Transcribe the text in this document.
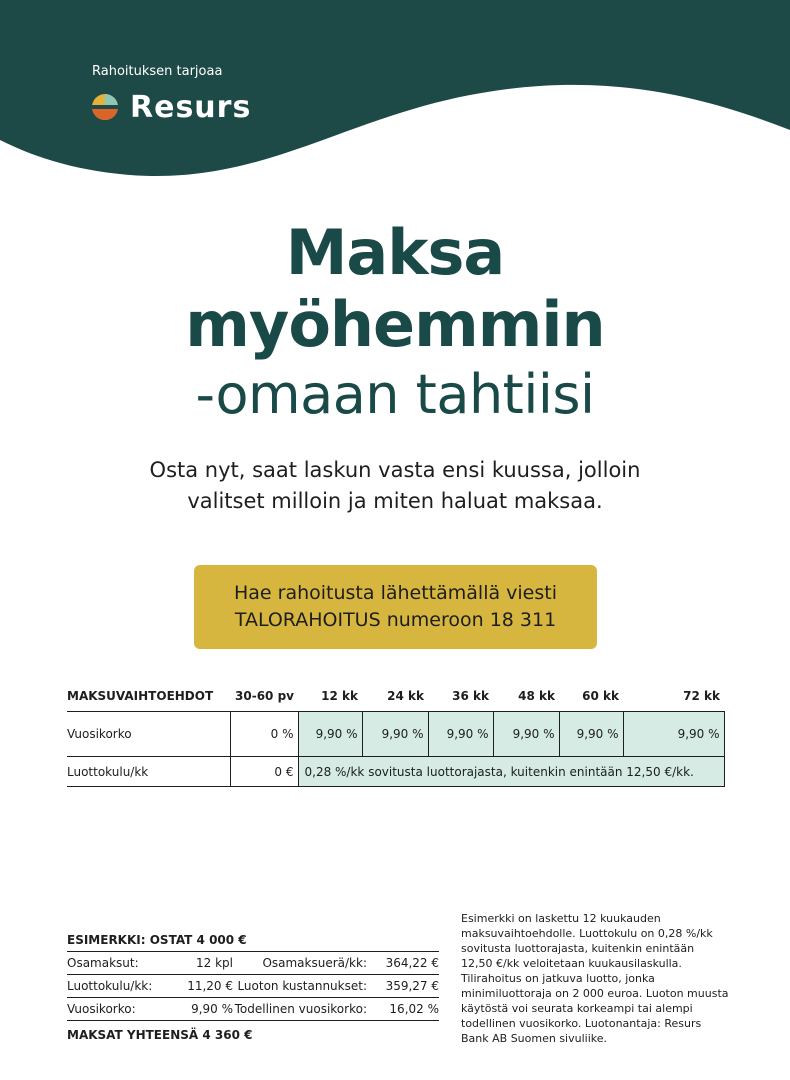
Rahoituksen tarjoaa
Resurs
Maksa
myöhemmin
-omaan tahtiisi
Osta nyt, saat laskun vasta ensi kuussa, jolloin
valitset milloin ja miten haluat maksaa.
Hae rahoitusta lähettämällä viesti
TALORAHOITUS numeroon 18 311
MAKSUVAIHTOEHDOT	30-60 pv	12 kk	24 kk	36 kk	48 kk	60 kk	72 kk
Vuosikorko	0 %	9,90 %	9,90 %	9,90 %	9,90 %	9,90 %	9,90 %
Luottokulu/kk	0 €	0,28 %/kk sovitusta luottorajasta, kuitenkin enintään 12,50 €/kk.					
ESIMERKKI: OSTAT 4 000 €
Osamaksut:	12 kpl	Osamaksuerä/kk:	364,22 €
Luottokulu/kk:	11,20 € Luoton kustannukset:	359,27 €
Vuosikorko:	9,90 % Todellinen vuosikorko:	16,02 %
MAKSAT YHTEENSÄ 4 360 €
Esimerkki on laskettu 12 kuukauden maksuvaihtoehdolle. Luottokulu on 0,28 %/kk sovitusta luottorajasta, kuitenkin enintään 12,50 €/kk veloitetaan kuukausilaskulla. Tilirahoitus on jatkuva luotto, jonka minimiluottoraja on 2 000 euroa. Luoton muusta käytöstä voi seurata korkeampi tai alempi todellinen vuosikorko. Luotonantaja: Resurs Bank AB Suomen sivuliike.
